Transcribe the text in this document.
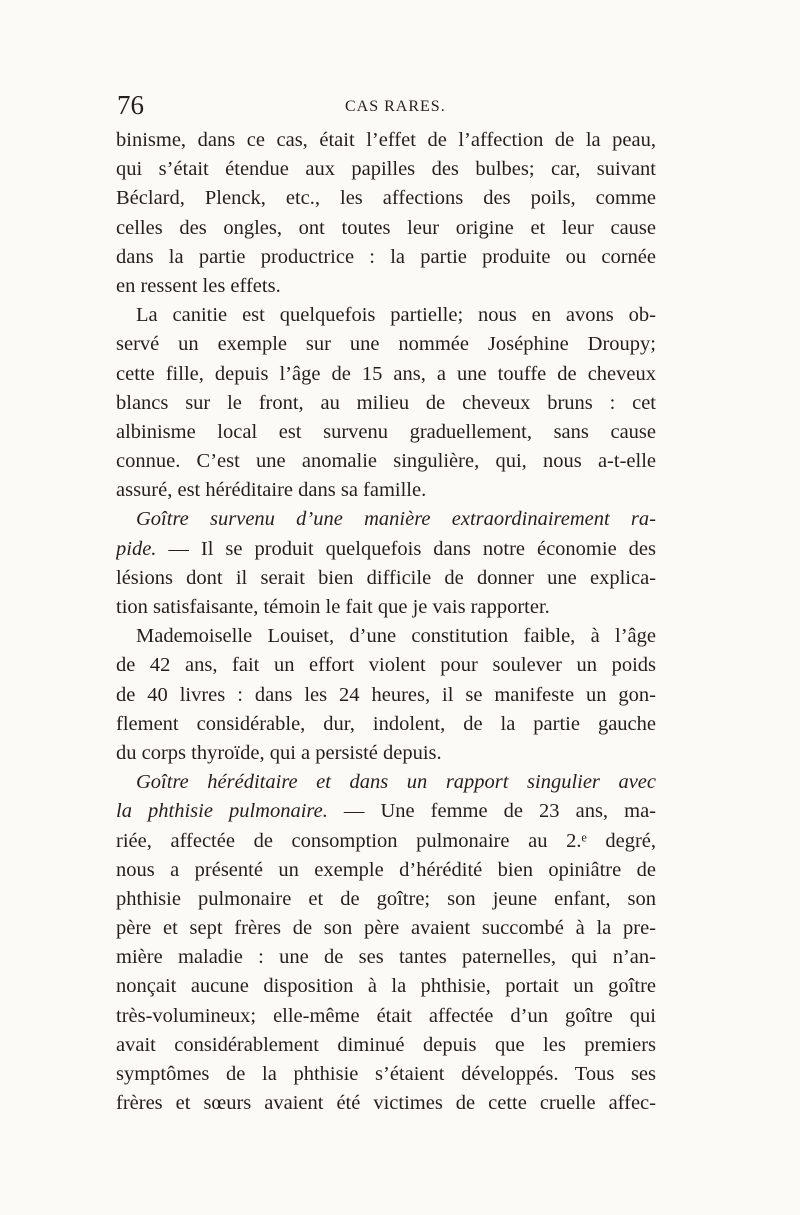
76	CAS RARES.
binisme, dans ce cas, était l’effet de l’affection de la peau,
qui s’était étendue aux papilles des bulbes; car, suivant
Béclard, Plenck, etc., les affections des poils, comme
celles des ongles, ont toutes leur origine et leur cause
dans la partie productrice : la partie produite ou cornée
en ressent les effets.
La canitie est quelquefois partielle; nous en avons ob-
servé un exemple sur une nommée Joséphine Droupy;
cette fille, depuis l’âge de 15 ans, a une touffe de cheveux
blancs sur le front, au milieu de cheveux bruns : cet
albinisme local est survenu graduellement, sans cause
connue. C’est une anomalie singulière, qui, nous a-t-elle
assuré, est héréditaire dans sa famille.
Goître survenu d’une manière extraordinairement ra-
pide. — Il se produit quelquefois dans notre économie des
lésions dont il serait bien difficile de donner une explica-
tion satisfaisante, témoin le fait que je vais rapporter.
Mademoiselle Louiset, d’une constitution faible, à l’âge
de 42 ans, fait un effort violent pour soulever un poids
de 40 livres : dans les 24 heures, il se manifeste un gon-
flement considérable, dur, indolent, de la partie gauche
du corps thyroïde, qui a persisté depuis.
Goître héréditaire et dans un rapport singulier avec
la phthisie pulmonaire. — Une femme de 23 ans, ma-
riée, affectée de consomption pulmonaire au 2.ᵉ degré,
nous a présenté un exemple d’hérédité bien opiniâtre de
phthisie pulmonaire et de goître; son jeune enfant, son
père et sept frères de son père avaient succombé à la pre-
mière maladie : une de ses tantes paternelles, qui n’an-
nonçait aucune disposition à la phthisie, portait un goître
très-volumineux; elle-même était affectée d’un goître qui
avait considérablement diminué depuis que les premiers
symptômes de la phthisie s’étaient développés. Tous ses
frères et sœurs avaient été victimes de cette cruelle affec-
